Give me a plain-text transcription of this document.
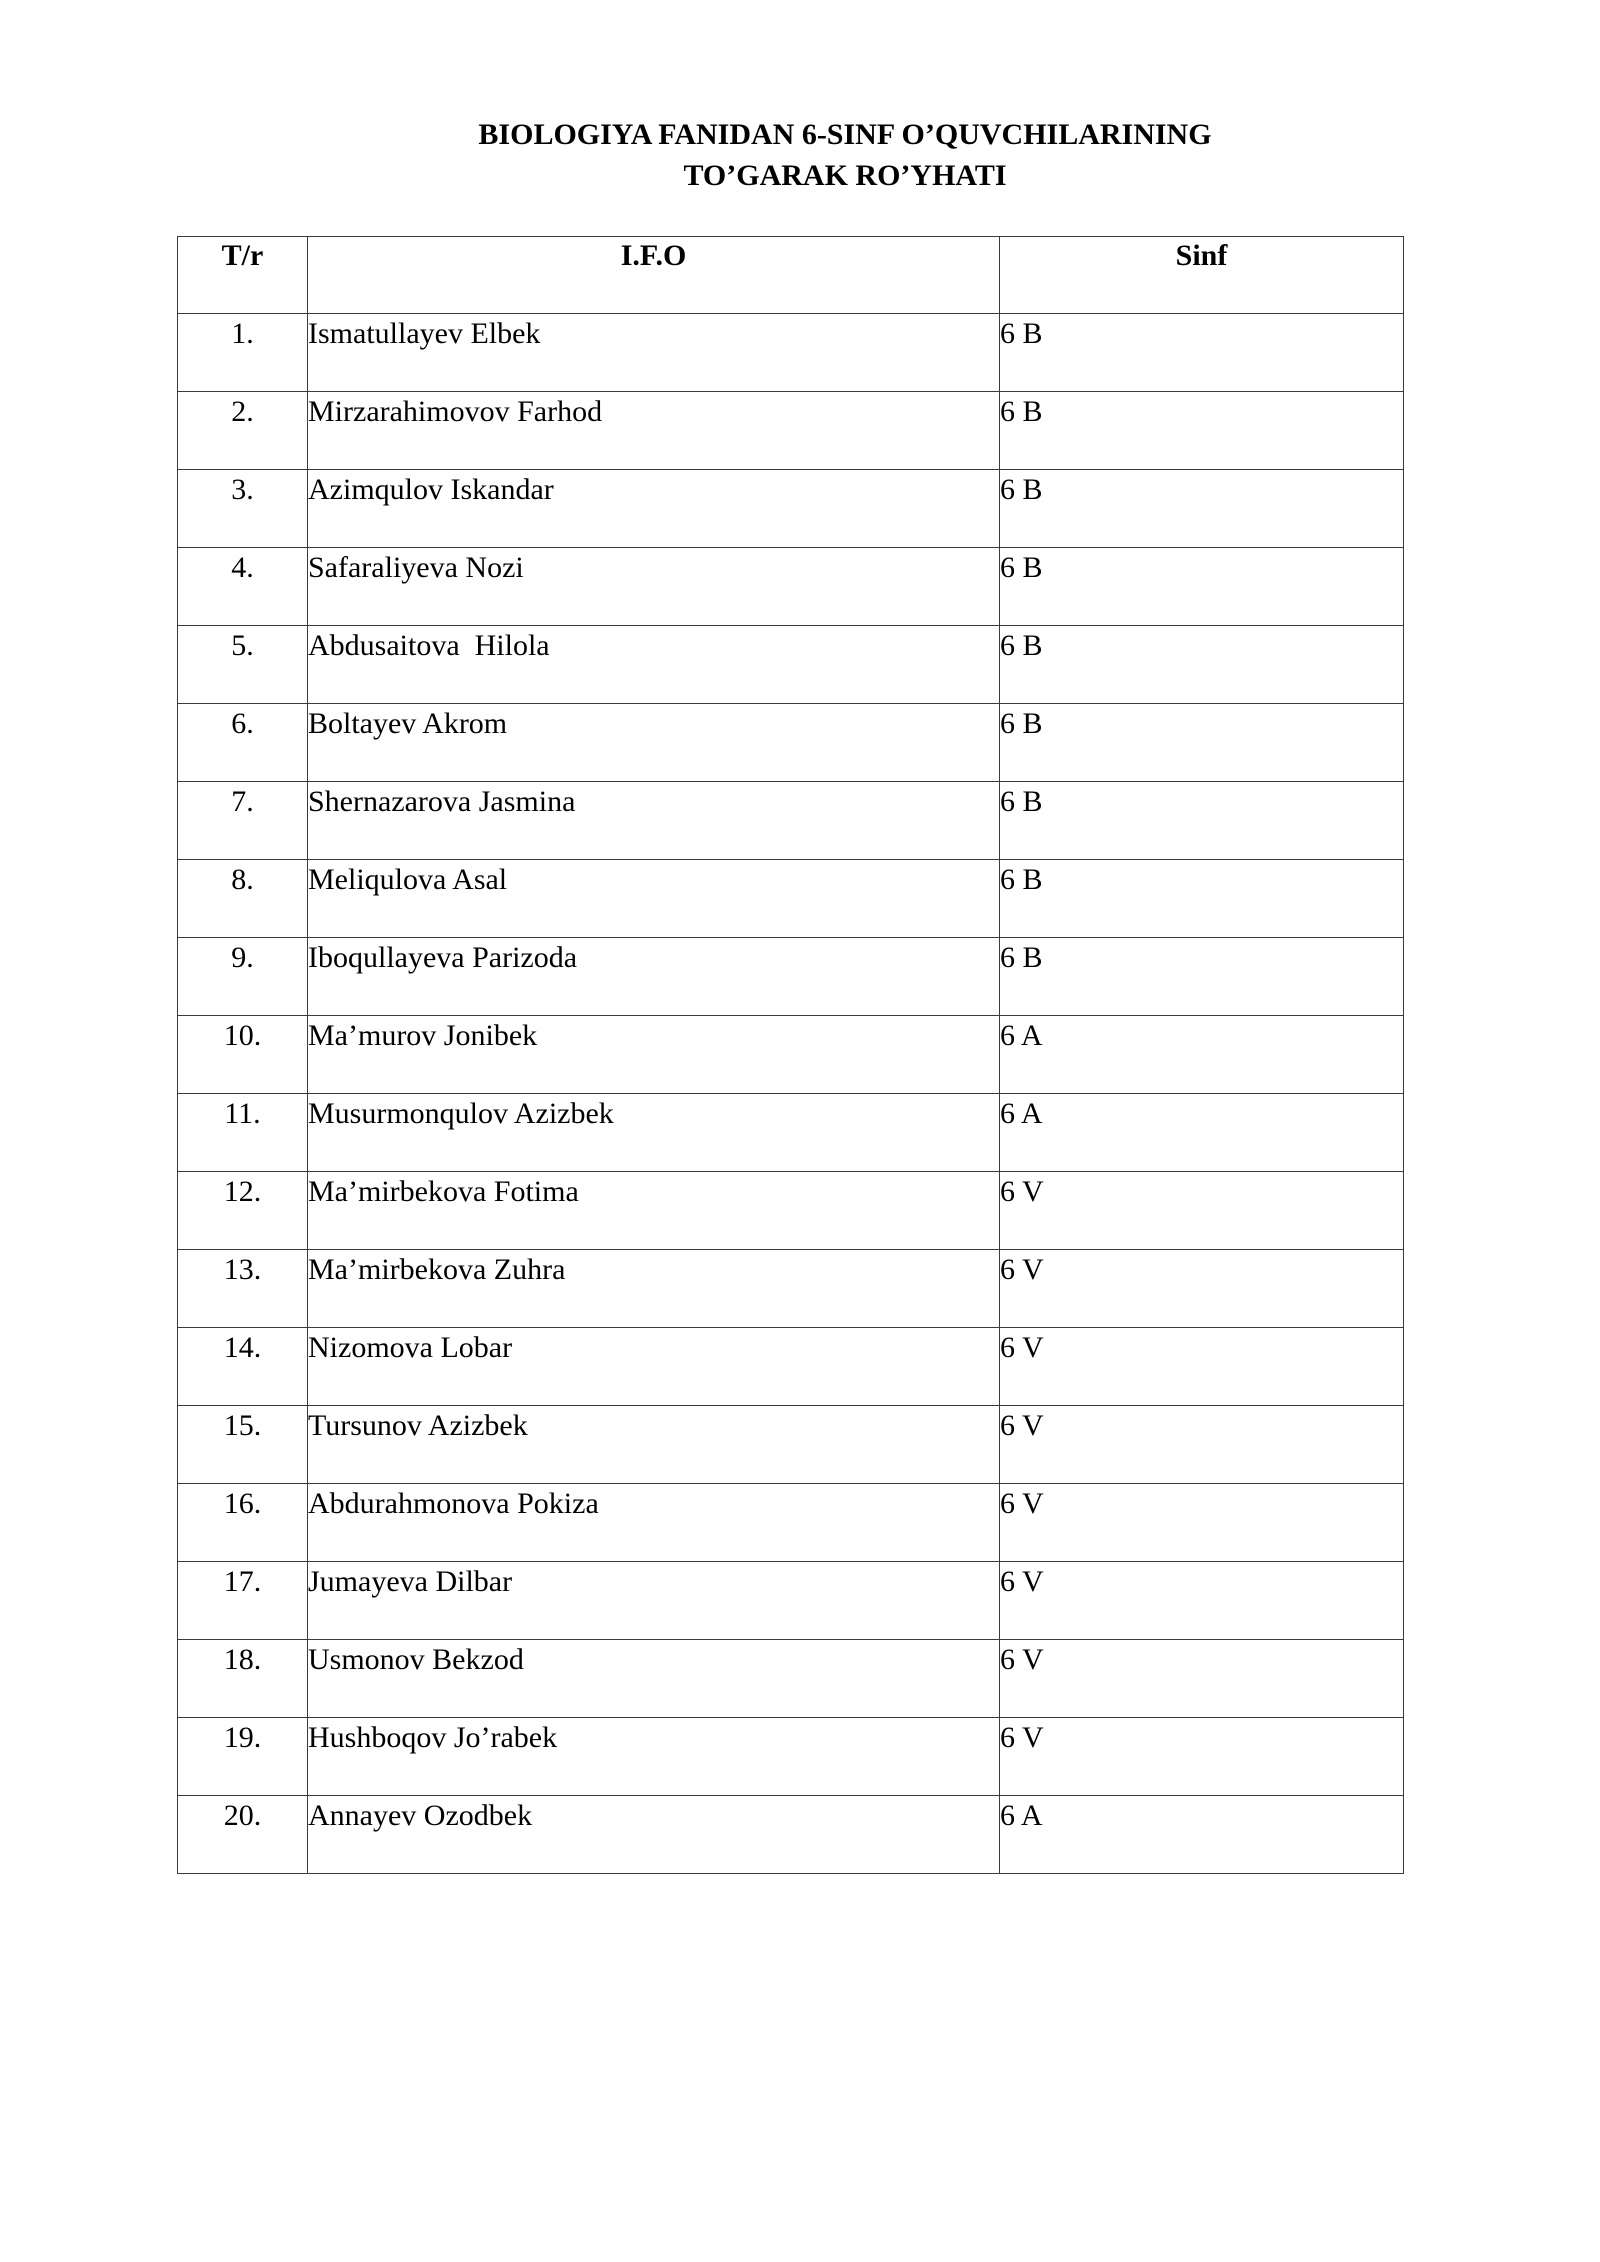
BIOLOGIYA FANIDAN 6-SINF O’QUVCHILARINING
TO’GARAK RO’YHATI
T/r	I.F.O	Sinf
1.	Ismatullayev Elbek	6 B
2.	Mirzarahimovov Farhod	6 B
3.	Azimqulov Iskandar	6 B
4.	Safaraliyeva Nozi	6 B
5.	Abdusaitova  Hilola	6 B
6.	Boltayev Akrom	6 B
7.	Shernazarova Jasmina	6 B
8.	Meliqulova Asal	6 B
9.	Iboqullayeva Parizoda	6 B
10.	Ma’murov Jonibek	6 A
11.	Musurmonqulov Azizbek	6 A
12.	Ma’mirbekova Fotima	6 V
13.	Ma’mirbekova Zuhra	6 V
14.	Nizomova Lobar	6 V
15.	Tursunov Azizbek	6 V
16.	Abdurahmonova Pokiza	6 V
17.	Jumayeva Dilbar	6 V
18.	Usmonov Bekzod	6 V
19.	Hushboqov Jo’rabek	6 V
20.	Annayev Ozodbek	6 A
